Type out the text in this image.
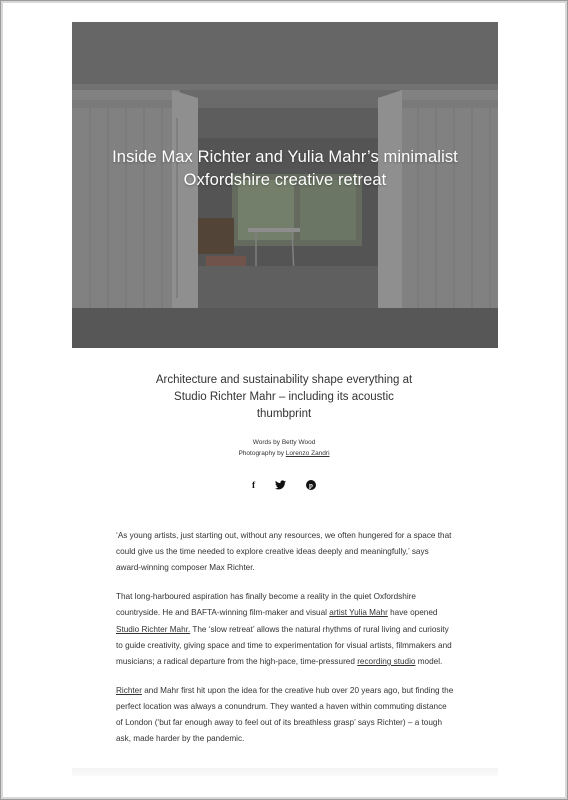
Inside Max Richter and Yulia Mahr’s minimalist Oxfordshire creative retreat
Architecture and sustainability shape everything at Studio Richter Mahr – including its acoustic thumbprint
Words by Betty Wood
Photography by Lorenzo Zandri
f	p

‘As young artists, just starting out, without any resources, we often hungered for a space that could give us the time needed to explore creative ideas deeply and meaningfully,’ says award-winning composer Max Richter.

That long-harboured aspiration has finally become a reality in the quiet Oxfordshire countryside. He and BAFTA-winning film-maker and visual artist Yulia Mahr have opened Studio Richter Mahr. The ‘slow retreat’ allows the natural rhythms of rural living and curiosity to guide creativity, giving space and time to experimentation for visual artists, filmmakers and musicians; a radical departure from the high-pace, time-pressured recording studio model.

Richter and Mahr first hit upon the idea for the creative hub over 20 years ago, but finding the perfect location was always a conundrum. They wanted a haven within commuting distance of London (‘but far enough away to feel out of its breathless grasp’ says Richter) – a tough ask, made harder by the pandemic.
